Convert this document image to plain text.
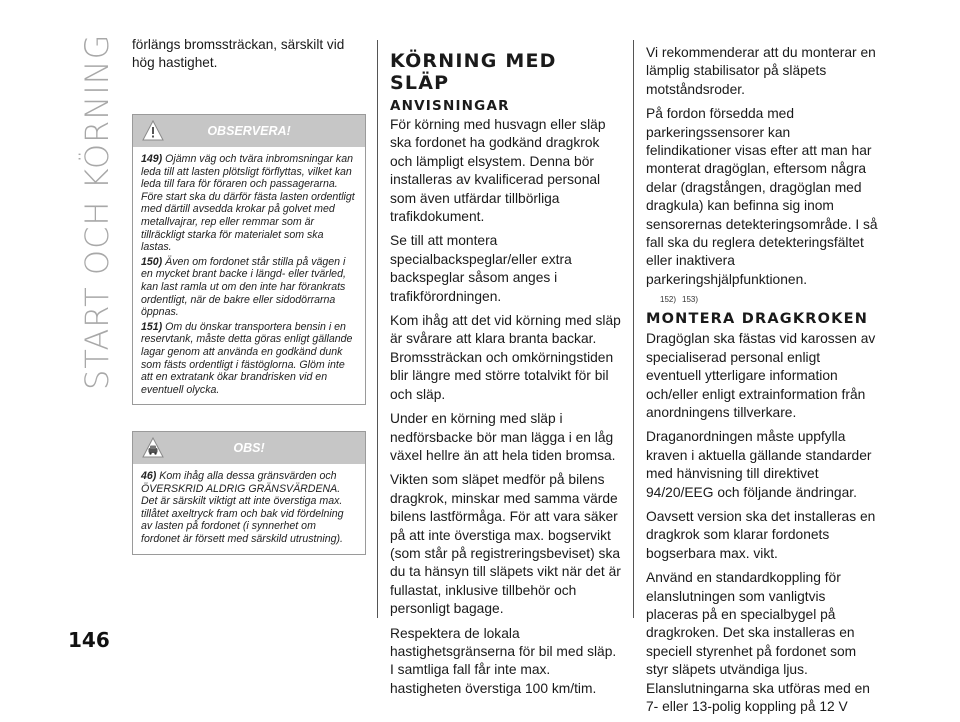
START OCH KÖRNING
146

förlängs bromssträckan, särskilt vid hög hastighet.

OBSERVERA!

149) Ojämn väg och tvära inbromsningar kan leda till att lasten plötsligt förflyttas, vilket kan leda till fara för föraren och passagerarna. Före start ska du därför fästa lasten ordentligt med därtill avsedda krokar på golvet med metallvajrar, rep eller remmar som är tillräckligt starka för materialet som ska lastas.

150) Även om fordonet står stilla på vägen i en mycket brant backe i längd- eller tvärled, kan last ramla ut om den inte har förankrats ordentligt, när de bakre eller sidodörrarna öppnas.

151) Om du önskar transportera bensin i en reservtank, måste detta göras enligt gällande lagar genom att använda en godkänd dunk som fästs ordentligt i fästöglorna. Glöm inte att en extratank ökar brandrisken vid en eventuell olycka.

OBS!

46) Kom ihåg alla dessa gränsvärden och ÖVERSKRID ALDRIG GRÄNSVÄRDENA. Det är särskilt viktigt att inte överstiga max. tillåtet axeltryck fram och bak vid fördelning av lasten på fordonet (i synnerhet om fordonet är försett med särskild utrustning).

KÖRNING MED SLÄP
ANVISNINGAR

För körning med husvagn eller släp ska fordonet ha godkänd dragkrok och lämpligt elsystem. Denna bör installeras av kvalificerad personal som även utfärdar tillbörliga trafikdokument.

Se till att montera specialbackspeglar/eller extra backspeglar såsom anges i trafikförordningen.

Kom ihåg att det vid körning med släp är svårare att klara branta backar. Bromssträckan och omkörningstiden blir längre med större totalvikt för bil och släp.

Under en körning med släp i nedförsbacke bör man lägga i en låg växel hellre än att hela tiden bromsa.

Vikten som släpet medför på bilens dragkrok, minskar med samma värde bilens lastförmåga. För att vara säker på att inte överstiga max. bogservikt (som står på registreringsbeviset) ska du ta hänsyn till släpets vikt när det är fullastat, inklusive tillbehör och personligt bagage.

Respektera de lokala hastighetsgränserna för bil med släp. I samtliga fall får inte max. hastigheten överstiga 100 km/tim.

Vi rekommenderar att du monterar en lämplig stabilisator på släpets motståndsroder.

På fordon försedda med parkeringssensorer kan felindikationer visas efter att man har monterat dragöglan, eftersom några delar (dragstången, dragöglan med dragkula) kan befinna sig inom sensorernas detekteringsområde. I så fall ska du reglera detekteringsfältet eller inaktivera parkeringshjälpfunktionen.

152) 153)
MONTERA DRAGKROKEN

Dragöglan ska fästas vid karossen av specialiserad personal enligt eventuell ytterligare information och/eller enligt extrainformation från anordningens tillverkare.

Draganordningen måste uppfylla kraven i aktuella gällande standarder med hänvisning till direktivet 94/20/EEG och följande ändringar.

Oavsett version ska det installeras en dragkrok som klarar fordonets bogserbara max. vikt.

Använd en standardkoppling för elanslutningen som vanligtvis placeras på en specialbygel på dragkroken. Det ska installeras en speciell styrenhet på fordonet som styr släpets utvändiga ljus. Elanslutningarna ska utföras med en 7- eller 13-polig koppling på 12 V
